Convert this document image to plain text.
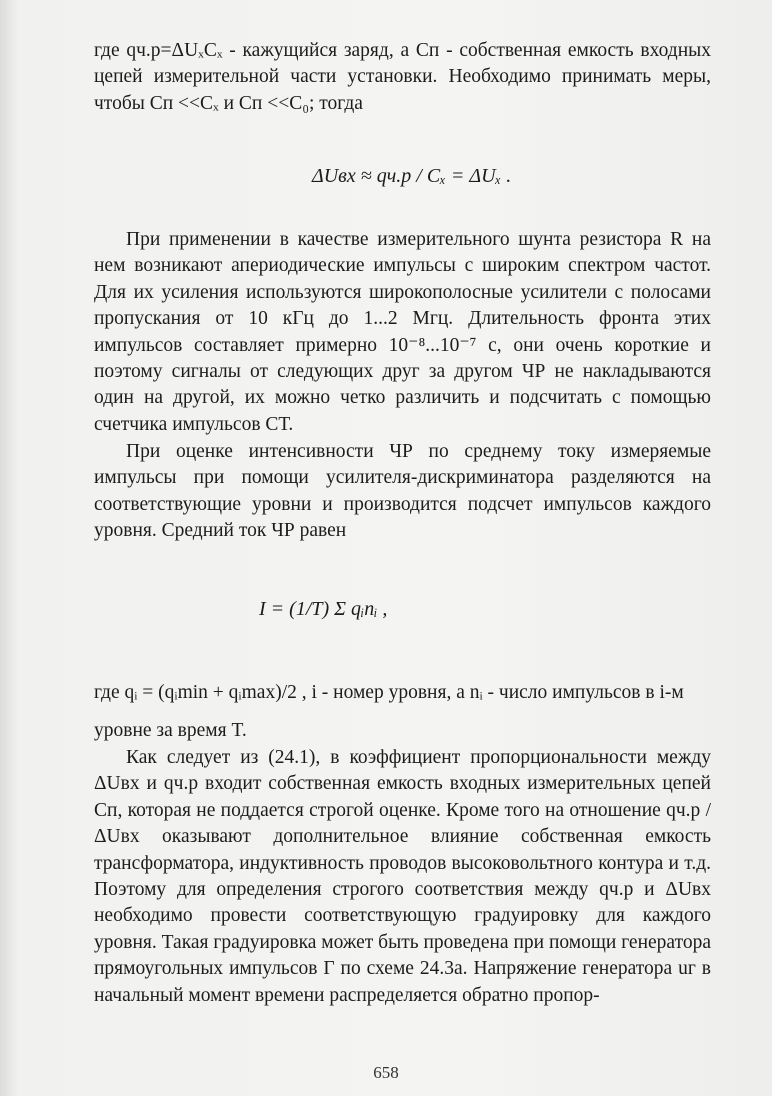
где qч.р=ΔUₓCₓ - кажущийся заряд, а Cп - собственная емкость входных цепей измерительной части установки. Необходимо принимать меры, чтобы Cп <<Cₓ и Cп <<C₀; тогда

ΔUвх ≈ qч.р / Cₓ = ΔUₓ .

При применении в качестве измерительного шунта резистора R на нем возникают апериодические импульсы с широким спектром частот. Для их усиления используются широкополосные усилители с полосами пропускания от 10 кГц до 1...2 Мгц. Длительность фронта этих импульсов составляет примерно 10⁻⁸...10⁻⁷ с, они очень короткие и поэтому сигналы от следующих друг за другом ЧР не накладываются один на другой, их можно четко различить и подсчитать с помощью счетчика импульсов СТ.

При оценке интенсивности ЧР по среднему току измеряемые импульсы при помощи усилителя-дискриминатора разделяются на соответствующие уровни и производится подсчет импульсов каждого уровня. Средний ток ЧР равен

I = (1/T) Σ qᵢnᵢ ,

где qᵢ = (qᵢmin + qᵢmax)/2 , i - номер уровня, а nᵢ - число импульсов в i-м

уровне за время T.

Как следует из (24.1), в коэффициент пропорциональности между ΔUвх и qч.р входит собственная емкость входных измерительных цепей Cп, которая не поддается строгой оценке. Кроме того на отношение qч.р /ΔUвх оказывают дополнительное влияние собственная емкость трансформатора, индуктивность проводов высоковольтного контура и т.д. Поэтому для определения строгого соответствия между qч.р и ΔUвх необходимо провести соответствующую градуировку для каждого уровня. Такая градуировка может быть проведена при помощи генератора прямоугольных импульсов Г по схеме 24.3а. Напряжение генератора uг в начальный момент времени распределяется обратно пропор-

658
